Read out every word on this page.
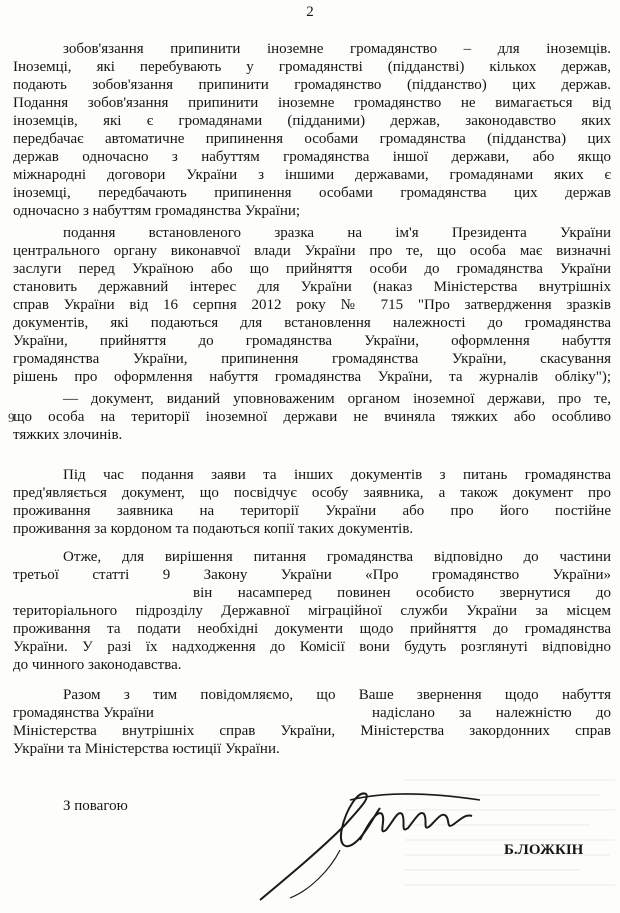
2
зобов'язання припинити іноземне громадянство – для іноземців.
Іноземці, які перебувають у громадянстві (підданстві) кількох держав,
подають зобов'язання припинити громадянство (підданство) цих держав.
Подання зобов'язання припинити іноземне громадянство не вимагається від
іноземців, які є громадянами (підданими) держав, законодавство яких
передбачає автоматичне припинення особами громадянства (підданства) цих
держав одночасно з набуттям громадянства іншої держави, або якщо
міжнародні договори України з іншими державами, громадянами яких є
іноземці, передбачають припинення особами громадянства цих держав
одночасно з набуттям громадянства України;
подання встановленого зразка на ім'я Президента України
центрального органу виконавчої влади України про те, що особа має визначні
заслуги перед Україною або що прийняття особи до громадянства України
становить державний інтерес для України (наказ Міністерства внутрішніх
справ України від 16 серпня 2012 року № 715 "Про затвердження зразків
документів, які подаються для встановлення належності до громадянства
України, прийняття до громадянства України, оформлення набуття
громадянства України, припинення громадянства України, скасування
рішень про оформлення набуття громадянства України, та журналів обліку");
— документ, виданий уповноваженим органом іноземної держави, про те,
що особа на території іноземної держави не вчиняла тяжких або особливо
тяжких злочинів.
Під час подання заяви та інших документів з питань громадянства
пред'являється документ, що посвідчує особу заявника, а також документ про
проживання заявника на території України або про його постійне
проживання за кордоном та подаються копії таких документів.
Отже, для вирішення питання громадянства відповідно до частини
третьої статті 9 Закону України «Про громадянство України»
він насамперед повинен особисто звернутися до
територіального підрозділу Державної міграційної служби України за місцем
проживання та подати необхідні документи щодо прийняття до громадянства
України. У разі їх надходження до Комісії вони будуть розглянуті відповідно
до чинного законодавства.
Разом з тим повідомляємо, що Ваше звернення щодо набуття
громадянства України	надіслано за належністю до
Міністерства внутрішніх справ України, Міністерства закордонних справ
України та Міністерства юстиції України.
9
З повагою
Б.ЛОЖКІН
